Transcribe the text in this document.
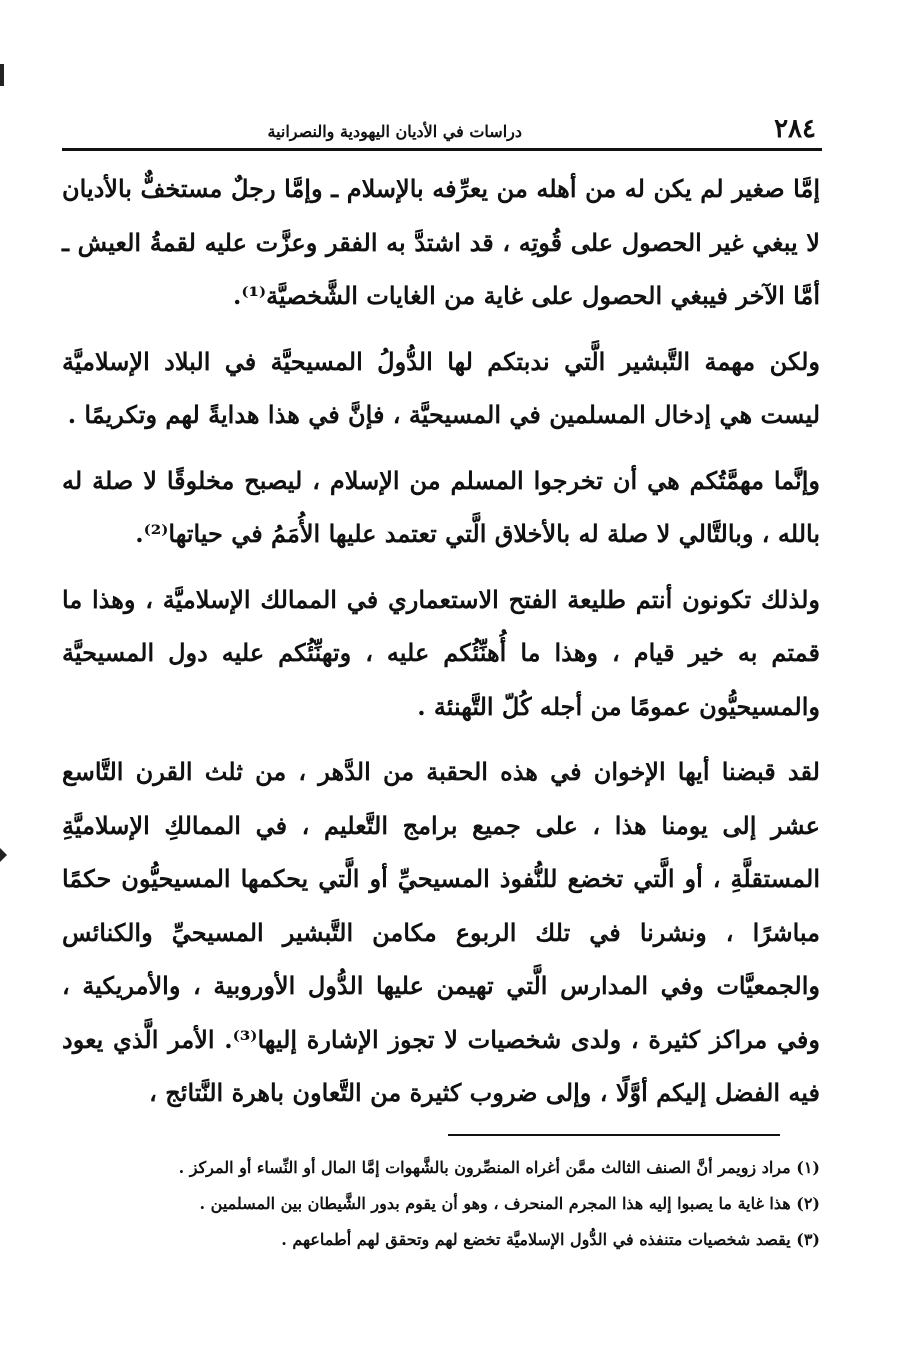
٢٨٤
دراسات في الأديان اليهودية والنصرانية

إمَّا صغير لم يكن له من أهله من يعرِّفه بالإسلام ـ وإمَّا رجلٌ مستخفٌّ بالأديان لا يبغي غير الحصول على قُوتِه ، قد اشتدَّ به الفقر وعزَّت عليه لقمةُ العيش ـ أمَّا الآخر فيبغي الحصول على غاية من الغايات الشَّخصيَّة⁽¹⁾.

ولكن مهمة التَّبشير الَّتي ندبتكم لها الدُّولُ المسيحيَّة في البلاد الإسلاميَّة ليست هي إدخال المسلمين في المسيحيَّة ، فإنَّ في هذا هدايةً لهم وتكريمًا .

وإنَّما مهمَّتُكم هي أن تخرجوا المسلم من الإسلام ، ليصبح مخلوقًا لا صلة له بالله ، وبالتَّالي لا صلة له بالأخلاق الَّتي تعتمد عليها الأُمَمُ في حياتها⁽²⁾.

ولذلك تكونون أنتم طليعة الفتح الاستعماري في الممالك الإسلاميَّة ، وهذا ما قمتم به خير قيام ، وهذا ما أُهنِّئُكم عليه ، وتهنِّئُكم عليه دول المسيحيَّة والمسيحيُّون عمومًا من أجله كُلّ التَّهنئة .

لقد قبضنا أيها الإخوان في هذه الحقبة من الدَّهر ، من ثلث القرن التَّاسع عشر إلى يومنا هذا ، على جميع برامج التَّعليم ، في الممالكِ الإسلاميَّةِ المستقلَّةِ ، أو الَّتي تخضع للنُّفوذ المسيحيِّ أو الَّتي يحكمها المسيحيُّون حكمًا مباشرًا ، ونشرنا في تلك الربوع مكامن التَّبشير المسيحيِّ والكنائس والجمعيَّات وفي المدارس الَّتي تهيمن عليها الدُّول الأوروبية ، والأمريكية ، وفي مراكز كثيرة ، ولدى شخصيات لا تجوز الإشارة إليها⁽³⁾. الأمر الَّذي يعود فيه الفضل إليكم أوَّلًا ، وإلى ضروب كثيرة من التَّعاون باهرة النَّتائج ،

(١) مراد زويمر أنَّ الصنف الثالث ممَّن أغراه المنصِّرون بالشَّهوات إمَّا المال أو النِّساء أو المركز .

(٢) هذا غاية ما يصبوا إليه هذا المجرم المنحرف ، وهو أن يقوم بدور الشَّيطان بين المسلمين .

(٣) يقصد شخصيات متنفذه في الدُّول الإسلاميَّة تخضع لهم وتحقق لهم أطماعهم .
